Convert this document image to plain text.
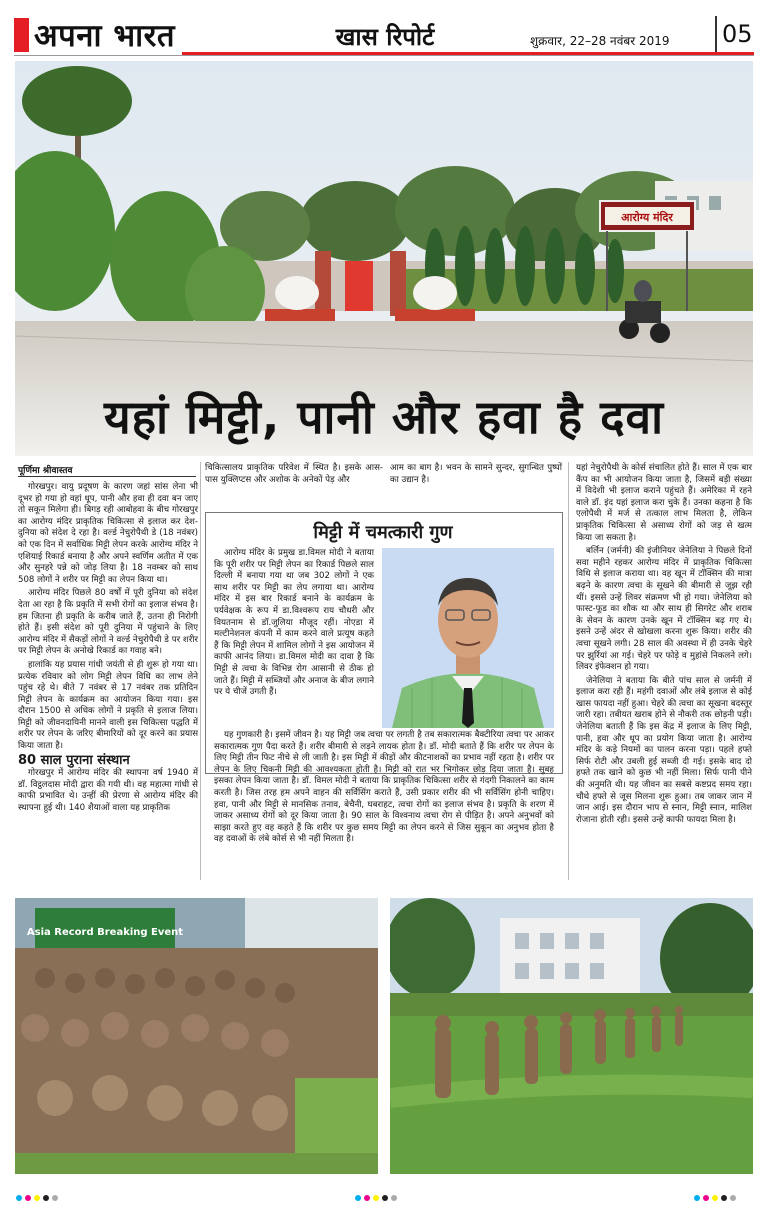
अपना भारत	खास रिपोर्ट	शुक्रवार, 22–28 नवंबर 2019 05
आरोग्य मंदिर
यहां मिट्टी, पानी और हवा है दवा
पूर्णिमा श्रीवास्तव

गोरखपुर। वायु प्रदूषण के कारण जहां सांस लेना भी दूभर हो गया हो वहां धूप, पानी और हवा ही दवा बन जाए तो सकून मिलेगा ही। बिगड़ रही आबोहवा के बीच गोरखपुर का आरोग्य मंदिर प्राकृतिक चिकित्सा से इलाज कर देश-दुनिया को संदेश दे रहा है। वर्ल्ड नेचुरोपैथी डे (18 नवंबर) को एक दिन में सर्वाधिक मिट्टी लेपन करके आरोग्य मंदिर ने एशियाई रिकार्ड बनाया है और अपने स्वर्णिम अतीत में एक और सुनहरे पन्ने को जोड़ लिया है। 18 नवम्बर को साथ 508 लोगों ने शरीर पर मिट्टी का लेपन किया था।

आरोग्य मंदिर पिछले 80 वर्षों में पूरी दुनिया को संदेश देता आ रहा है कि प्रकृति में सभी रोगों का इलाज संभव है। हम जितना ही प्रकृति के करीब जाते हैं, उतना ही निरोगी होते हैं। इसी संदेश को पूरी दुनिया में पहुंचाने के लिए आरोग्य मंदिर में सैकड़ों लोगों ने वर्ल्ड नेचुरोपैथी डे पर शरीर पर मिट्टी लेपन के अनोखे रिकार्ड का गवाह बने।

हालांकि यह प्रयास गांधी जयंती से ही शुरू हो गया था। प्रत्येक रविवार को लोग मिट्टी लेपन विधि का लाभ लेने पहुंच रहे थे। बीते 7 नवंबर से 17 नवंबर तक प्रतिदिन मिट्टी लेपन के कार्यक्रम का आयोजन किया गया। इस दौरान 1500 से अधिक लोगों ने प्रकृति से इलाज लिया। मिट्टी को जीवनदायिनी मानने वाली इस चिकित्सा पद्धति में शरीर पर लेपन के जरिए बीमारियों को दूर करने का प्रयास किया जाता है।

80 साल पुराना संस्थान

गोरखपुर में आरोग्य मंदिर की स्थापना वर्ष 1940 में डॉ. विट्ठलदास मोदी द्वारा की गयी थी। वह महात्मा गांधी से काफी प्रभावित थे। उन्हीं की प्रेरणा से आरोग्य मंदिर की स्थापना हुई थी। 140 शैयाओं वाला यह प्राकृतिक

चिकित्सालय प्राकृतिक परिवेश में स्थित है। इसके आस-पास युक्लिप्टस और अशोक के अनेकों पेड़ और

आम का बाग है। भवन के सामने सुन्दर, सुगन्धित पुष्पों का उद्यान है।

मिट्टी में चमत्कारी गुण

आरोग्य मंदिर के प्रमुख डा.विमल मोदी ने बताया कि पूरी शरीर पर मिट्टी लेपन का रिकार्ड पिछले साल दिल्ली में बनाया गया था जब 302 लोगों ने एक साथ शरीर पर मिट्टी का लेप लगाया था। आरोग्य मंदिर में इस बार रिकार्ड बनाने के कार्यक्रम के पर्यवेक्षक के रूप में डा.विश्वरूप राय चौधरी और वियतनाम से डॉ.जुलिया मौजूद रहीं। नोएडा में मल्टीनेशनल कंपनी में काम करने वाले प्रत्यूष कहते हैं कि मिट्टी लेपन में शामिल लोगों ने इस आयोजन में काफी आनंद लिया। डा.विमल मोदी का दावा है कि मिट्टी से त्वचा के विभिन्न रोग आसानी से ठीक हो जाते हैं। मिट्टी में सब्जियों और अनाज के बीज लगाने पर ये चीजें उगती हैं।

यह गुणकारी है। इसमें जीवन है। यह मिट्टी जब त्वचा पर लगती है तब सकारात्मक बैक्टीरिया त्वचा पर आकर सकारात्मक गुण पैदा करते हैं। शरीर बीमारी से लड़ने लायक होता है। डॉ. मोदी बताते हैं कि शरीर पर लेपन के लिए मिट्टी तीन फिट नीचे से ली जाती है। इस मिट्टी में कीड़ों और कीटनाशकों का प्रभाव नहीं रहता है। शरीर पर लेपन के लिए चिकनी मिट्टी की आवश्यकता होती है। मिट्टी को रात भर भिगोकर छोड़ दिया जाता है। सुबह इसका लेपन किया जाता है। डॉ. विमल मोदी ने बताया कि प्राकृतिक चिकित्सा शरीर से गंदगी निकालने का काम करती है। जिस तरह हम अपने वाहन की सर्विसिंग कराते हैं, उसी प्रकार शरीर की भी सर्विसिंग होनी चाहिए। हवा, पानी और मिट्टी से मानसिक तनाव, बेचैनी, घबराहट, त्वचा रोगों का इलाज संभव है। प्रकृति के शरण में जाकर असाध्य रोगों को दूर किया जाता है। 90 साल के विश्वनाथ त्वचा रोग से पीड़ित है। अपने अनुभवों को साझा करते हुए वह कहते हैं कि शरीर पर कुछ समय मिट्टी का लेपन करने से जिस सुकून का अनुभव होता है वह दवाओं के लंबे कोर्स से भी नहीं मिलता है।

यहां नेचुरोपैथी के कोर्स संचालित होते हैं। साल में एक बार कैंप का भी आयोजन किया जाता है, जिसमें बड़ी संख्या में विदेशी भी इलाज कराने पहुंचते हैं। अमेरिका में रहने वाले डॉ. इंद यहां इलाज करा चुके हैं। उनका कहना है कि एलोपैथी में मर्ज से तत्काल लाभ मिलता है, लेकिन प्राकृतिक चिकित्सा से असाध्य रोगों को जड़ से खत्म किया जा सकता है।

बर्लिन (जर्मनी) की इंजीनियर जेनेलिया ने पिछले दिनों सवा महीने रहकर आरोग्य मंदिर में प्राकृतिक चिकित्सा विधि से इलाज कराया था। वह खून में टॉक्सिन की मात्रा बढ़ने के कारण त्वचा के सूखने की बीमारी से जूझ रही थीं। इससे उन्हें लिवर संक्रमण भी हो गया। जेनेलिया को फास्ट-फूड का शौक था और साथ ही सिगरेट और शराब के सेवन के कारण उनके खून में टॉक्सिन बढ़ गए थे। इसने उन्हें अंदर से खोखला करना शुरू किया। शरीर की त्वचा सूखने लगी। 28 साल की अवस्था में ही उनके चेहरे पर झुर्रियां आ गई। चेहरे पर फोड़े व मुहांसे निकलने लगे। लिवर इंफेक्शन हो गया।

जेनेलिया ने बताया कि बीते पांच साल से जर्मनी में इलाज करा रही हैं। महंगी दवाओं और लंबे इलाज से कोई खास फायदा नहीं हुआ। चेहरे की त्वचा का सूखना बदस्तूर जारी रहा। तबीयत खराब होने से नौकरी तक छोड़नी पड़ी। जेनेलिया बताती हैं कि इस केंद्र में इलाज के लिए मिट्टी, पानी, हवा और धूप का प्रयोग किया जाता है। आरोग्य मंदिर के कड़े नियमों का पालन करना पड़ा। पहले हफ्ते सिर्फ रोटी और उबली हुई सब्जी दी गई। इसके बाद दो हफ्ते तक खाने को कुछ भी नहीं मिला। सिर्फ पानी पीने की अनुमति थी। यह जीवन का सबसे कष्टप्रद समय रहा। चौथे हफ्ते से जूस मिलना शुरू हुआ। तब जाकर जान में जान आई। इस दौरान भाप से स्नान, मिट्टी स्नान, मालिश रोजाना होती रही। इससे उन्हें काफी फायदा मिला है।

Asia Record Breaking Event
